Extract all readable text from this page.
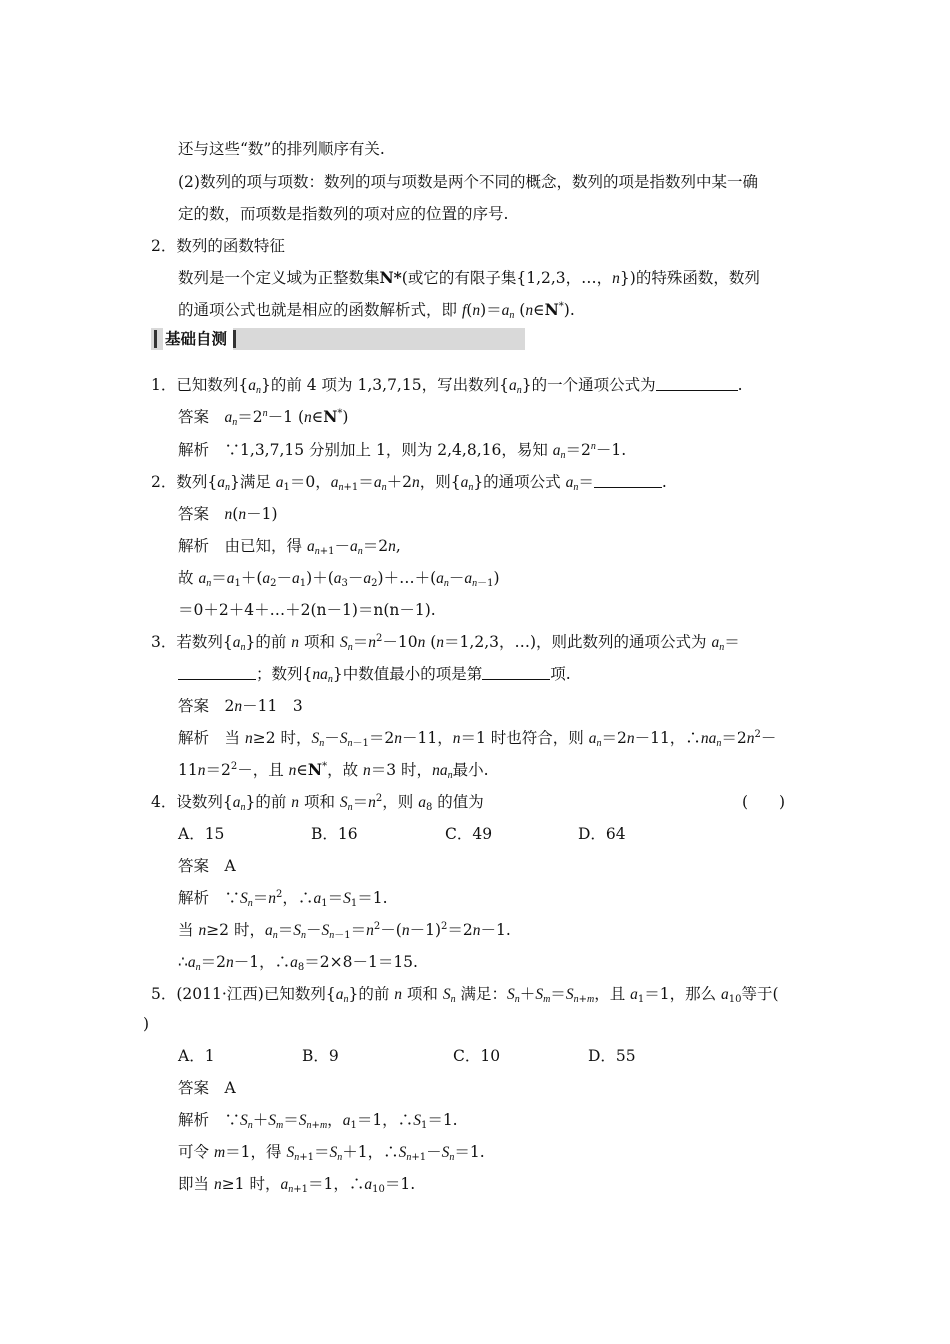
还与这些“数”的排列顺序有关.
(2)数列的项与项数：数列的项与项数是两个不同的概念，数列的项是指数列中某一确
定的数，而项数是指数列的项对应的位置的序号.
2．数列的函数特征
数列是一个定义域为正整数集N*(或它的有限子集{1,2,3，…，n})的特殊函数，数列
的通项公式也就是相应的函数解析式，即 $f(n)=a_n$ (n∈N*).
基础自测
1．已知数列$\{a_n\}$的前 4 项为 1,3,7,15，写出数列$\{a_n\}$的一个通项公式为	.
答案　 $a_n=2^n-1$ (n∈N*)
解析　 ∵1,3,7,15 分别加上 1，则为 2,4,8,16，易知 $a_n=2^n-1$.
2．数列$\{a_n\}$满足 $a_1=0$，$a_{n+1}=a_n+2n$，则$\{a_n\}$的通项公式 $a_n=$	.
答案　 n(n－1)
解析　 由已知，得 $a_{n+1}-a_n=2n$,
故 $a_n=a_1+(a_2-a_1)+(a_3-a_2)+\dots+(a_n-a_{n-1})$
＝0＋2＋4＋…＋2(n－1)＝n(n－1).
3．若数列$\{a_n\}$的前 n 项和 $S_n=n^2-10n$ (n＝1,2,3，…)，则此数列的通项公式为 $a_n=$
；数列$\{na_n\}$中数值最小的项是第	项.
答案　2n－11　3
解析　当 n≥2 时，$S_n-S_{n-1}=2n-11$，n＝1 时也符合，则 $a_n=2n-11$，$\therefore na_n=2n^2-$
$11n=2^2-$，且 n∈N*，故 n＝3 时，$na_n$最小.
4．设数列$\{a_n\}$的前 n 项和 $S_n=n^2$，则 $a_8$ 的值为	(　　)
A．15	B．16	C．49	D．64
答案　 A
解析　$\because S_n=n^2$，$\therefore a_1=S_1=1$.
当 n≥2 时，$a_n=S_n-S_{n-1}=n^2-(n-1)^2=2n-1$.
$\therefore a_n=2n-1$，$\therefore a_8=2\times 8-1=15$.
5．(2011·江西)已知数列$\{a_n\}$的前 n 项和 $S_n$ 满足：$S_n+S_m=S_{n+m}$，且 $a_1=1$，那么 $a_{10}$等于(
)
A．1	B．9	C．10	D．55
答案　 A
解析　$\because S_n+S_m=S_{n+m}$，$a_1=1$，$\therefore S_1=1$.
可令 m＝1，得 $S_{n+1}=S_n+1$，$\therefore S_{n+1}-S_n=1$.
即当 n≥1 时，$a_{n+1}=1$，$\therefore a_{10}=1$.
